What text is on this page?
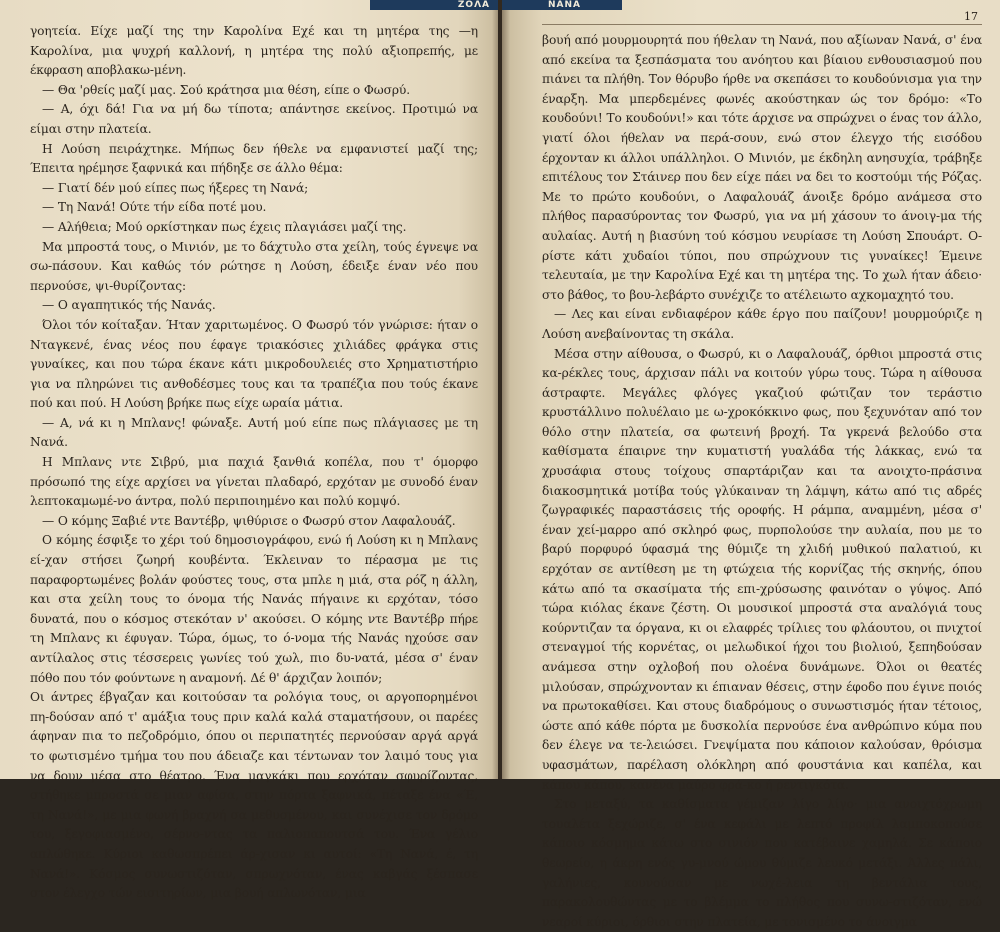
γοητεία. Είχε μαζί της την Καρολίνα Εχέ και τη μητέρα της —η Καρολίνα, μια ψυχρή καλλονή, η μητέρα της πολύ αξιοπρεπής, με έκφραση αποβλακω-μένη.

— Θα 'ρθείς μαζί μας. Σού κράτησα μια θέση, είπε ο Φωσρύ.

— Α, όχι δά! Για να μή δω τίποτα; απάντησε εκείνος. Προτιμώ να είμαι στην πλατεία.

Η Λούση πειράχτηκε. Μήπως δεν ήθελε να εμφανιστεί μαζί της; Έπειτα ηρέμησε ξαφνικά και πήδηξε σε άλλο θέμα:

— Γιατί δέν μού είπες πως ήξερες τη Νανά;

— Τη Νανά! Ούτε τήν είδα ποτέ μου.

— Αλήθεια; Μού ορκίστηκαν πως έχεις πλαγιάσει μαζί της.

Μα μπροστά τους, ο Μινιόν, με το δάχτυλο στα χείλη, τούς έγνεψε να σω-πάσουν. Και καθώς τόν ρώτησε η Λούση, έδειξε έναν νέο που περνούσε, ψι-θυρίζοντας:

— Ο αγαπητικός τής Νανάς.

Όλοι τόν κοίταξαν. Ήταν χαριτωμένος. Ο Φωσρύ τόν γνώρισε: ήταν ο Νταγκενέ, ένας νέος που έφαγε τριακόσιες χιλιάδες φράγκα στις γυναίκες, και που τώρα έκανε κάτι μικροδουλειές στο Χρηματιστήριο για να πληρώνει τις ανθοδέσμες τους και τα τραπέζια που τούς έκανε πού και πού. Η Λούση βρήκε πως είχε ωραία μάτια.

— Α, νά κι η Μπλανς! φώναξε. Αυτή μού είπε πως πλάγιασες με τη Νανά.

Η Μπλανς ντε Σιβρύ, μια παχιά ξανθιά κοπέλα, που τ' όμορφο πρόσωπό της είχε αρχίσει να γίνεται πλαδαρό, ερχόταν με συνοδό έναν λεπτοκαμωμέ-νο άντρα, πολύ περιποιημένο και πολύ κομψό.

— Ο κόμης Ξαβιέ ντε Βαντέβρ, ψιθύρισε ο Φωσρύ στον Λαφαλουάζ.

Ο κόμης έσφιξε το χέρι τού δημοσιογράφου, ενώ ή Λούση κι η Μπλανς εί-χαν στήσει ζωηρή κουβέντα. Έκλειναν το πέρασμα με τις παραφορτωμένες βολάν φούστες τους, στα μπλε η μιά, στα ρόζ η άλλη, και στα χείλη τους το όνομα τής Νανάς πήγαινε κι ερχόταν, τόσο δυνατά, που ο κόσμος στεκόταν ν' ακούσει. Ο κόμης ντε Βαντέβρ πήρε τη Μπλανς κι έφυγαν. Τώρα, όμως, το ό-νομα τής Νανάς ηχούσε σαν αντίλαλος στις τέσσερεις γωνίες τού χωλ, πιο δυ-νατά, μέσα σ' έναν πόθο που τόν φούντωνε η αναμονή. Δέ θ' άρχιζαν λοιπόν;

Οι άντρες έβγαζαν και κοιτούσαν τα ρολόγια τους, οι αργοπορημένοι πη-δούσαν από τ' αμάξια τους πριν καλά καλά σταματήσουν, οι παρέες άφηναν πια το πεζοδρόμιο, όπου οι περιπατητές περνούσαν αργά αργά το φωτισμένο τμήμα του που άδειαζε και τέντωναν τον λαιμό τους για να δουν μέσα στο θέατρο. Ένα μαγκάκι που ερχόταν σφυρίζοντας, στήθηκε μπροστά σε μιαν αφίσα, στην πόρτα ξαφνικά, πέταξε ένα «Έ, τη Νανά!», με μια φωνή βραχνή σα μεθυσμένου, και συνέχισε τον δρόμο του, ξεγοφιασμένο, σέρνο-ντας τα παλιοπαπουτσά του. Ένα γέλιο απλώθηκε. Κύριοι καθωσπρέπει άρ-χισαν κι αυτοί: «Τη Νανά, έ, τη Νανά!». Κόσμος συνωστιζόταν, σπρωχνόταν, ένας καβγάς ξέσπασε στον έλεγχο τών εισιτηρίων, μια βουή απλωνόταν, μια

17

βουή από μουρμουρητά που ήθελαν τη Νανά, που αξίωναν Νανά, σ' ένα από εκείνα τα ξεσπάσματα του ανόητου και βίαιου ενθουσιασμού που πιάνει τα πλήθη. Τον θόρυβο ήρθε να σκεπάσει το κουδούνισμα για την έναρξη. Μα μπερδεμένες φωνές ακούστηκαν ώς τον δρόμο: «Το κουδούνι! Το κουδούνι!» και τότε άρχισε να σπρώχνει ο ένας τον άλλο, γιατί όλοι ήθελαν να περά-σουν, ενώ στον έλεγχο τής εισόδου έρχονταν κι άλλοι υπάλληλοι. Ο Μινιόν, με έκδηλη ανησυχία, τράβηξε επιτέλους τον Στάινερ που δεν είχε πάει να δει το κοστούμι τής Ρόζας. Με το πρώτο κουδούνι, ο Λαφαλουάζ άνοιξε δρόμο ανάμεσα στο πλήθος παρασύροντας τον Φωσρύ, για να μή χάσουν το άνοιγ-μα τής αυλαίας. Αυτή η βιασύνη τού κόσμου νευρίασε τη Λούση Σπουάρτ. Ο-ρίστε κάτι χυδαίοι τύποι, που σπρώχνουν τις γυναίκες! Έμεινε τελευταία, με την Καρολίνα Εχέ και τη μητέρα της. Το χωλ ήταν άδειο· στο βάθος, το βου-λεβάρτο συνέχιζε το ατέλειωτο αχκομαχητό του.

— Λες και είναι ενδιαφέρον κάθε έργο που παίζουν! μουρμούριζε η Λούση ανεβαίνοντας τη σκάλα.

Μέσα στην αίθουσα, ο Φωσρύ, κι ο Λαφαλουάζ, όρθιοι μπροστά στις κα-ρέκλες τους, άρχισαν πάλι να κοιτούν γύρω τους. Τώρα η αίθουσα άστραφτε. Μεγάλες φλόγες γκαζιού φώτιζαν τον τεράστιο κρυστάλλινο πολυέλαιο με ω-χροκόκκινο φως, που ξεχυνόταν από τον θόλο στην πλατεία, σα φωτεινή βροχή. Τα γκρενά βελούδο στα καθίσματα έπαιρνε την κυματιστή γυαλάδα τής λάκκας, ενώ τα χρυσάφια στους τοίχους σπαρτάριζαν και τα ανοιχτο-πράσινα διακοσμητικά μοτίβα τούς γλύκαιναν τη λάμψη, κάτω από τις αδρές ζωγραφικές παραστάσεις τής οροφής. Η ράμπα, αναμμένη, μέσα σ' έναν χεί-μαρρο από σκληρό φως, πυρπολούσε την αυλαία, που με το βαρύ πορφυρό ύφασμά της θύμιζε τη χλιδή μυθικού παλατιού, κι ερχόταν σε αντίθεση με τη φτώχεια τής κορνίζας τής σκηνής, όπου κάτω από τα σκασίματα τής επι-χρύσωσης φαινόταν ο γύψος. Από τώρα κιόλας έκανε ζέστη. Οι μουσικοί μπροστά στα αναλόγιά τους κούρντιζαν τα όργανα, κι οι ελαφρές τρίλιες του φλάουτου, οι πνιχτοί στεναγμοί τής κορνέτας, οι μελωδικοί ήχοι του βιολιού, ξεπηδούσαν ανάμεσα στην οχλοβοή που ολοένα δυνάμωνε. Όλοι οι θεατές μιλούσαν, σπρώχνονταν κι έπιαναν θέσεις, στην έφοδο που έγινε ποιός να πρωτοκαθίσει. Και στους διαδρόμους ο συνωστισμός ήταν τέτοιος, ώστε από κάθε πόρτα με δυσκολία περνούσε ένα ανθρώπινο κύμα που δεν έλεγε να τε-λειώσει. Γνεψίματα που κάποιον καλούσαν, θρόισμα υφασμάτων, παρέλαση ολόκληρη από φουστάνια και καπέλα, και κάπου κάπου, κανένα μαύρο φρά-κο ή ρεντιγκότα.

Στο μεταξύ, τα καθίσματα γέμιζαν λίγο λίγο· μια ανοιχτόχρωμη τουαλέτα ξεχώριζε, σ' ένα κεφάλι με λεπτό προφίλ λαμποκοπούσε κάποιο κόσμημα κάτω στο σινιόν που κατέβαινε χαμηλά. Σε κάποιο θεωρείο, η άκρη ενός γυ-μνού ώμου θύμιζε λευκό μετάξι. Άλλες πάλι, γαλήνιες, κουνούσαν με νωχέ-λεια τη βεντάλια τους, παρακολουθώντας με το βλέμμα το πλήθος που συνω-στιζόταν, ενώ νεαροί κύριοι, όρθιοι στην πλατεία, με τονισμένο το άνοιγμα

ΖΟΛΑ	ΝΑΝΑ
